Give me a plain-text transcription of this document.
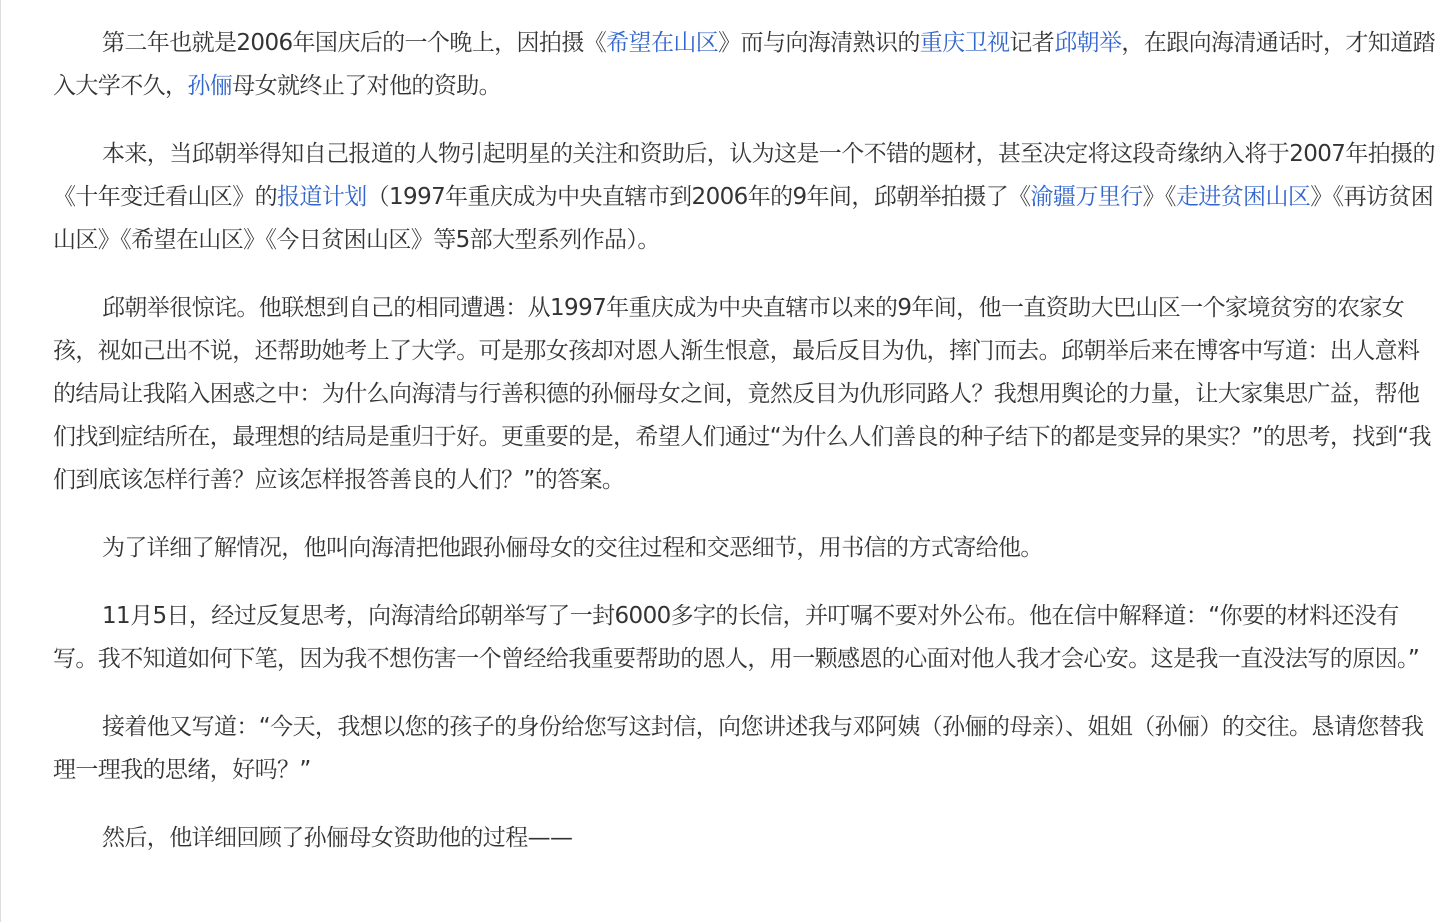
第二年也就是2006年国庆后的一个晚上，因拍摄《希望在山区》而与向海清熟识的重庆卫视记者邱朝举，在跟向海清通话时，才知道踏入大学不久，孙俪母女就终止了对他的资助。

本来，当邱朝举得知自己报道的人物引起明星的关注和资助后，认为这是一个不错的题材，甚至决定将这段奇缘纳入将于2007年拍摄的《十年变迁看山区》的报道计划（1997年重庆成为中央直辖市到2006年的9年间，邱朝举拍摄了《渝疆万里行》《走进贫困山区》《再访贫困山区》《希望在山区》《今日贫困山区》等5部大型系列作品）。

邱朝举很惊诧。他联想到自己的相同遭遇：从1997年重庆成为中央直辖市以来的9年间，他一直资助大巴山区一个家境贫穷的农家女孩，视如己出不说，还帮助她考上了大学。可是那女孩却对恩人渐生恨意，最后反目为仇，摔门而去。邱朝举后来在博客中写道：出人意料的结局让我陷入困惑之中：为什么向海清与行善积德的孙俪母女之间，竟然反目为仇形同路人？我想用舆论的力量，让大家集思广益，帮他们找到症结所在，最理想的结局是重归于好。更重要的是，希望人们通过“为什么人们善良的种子结下的都是变异的果实？”的思考，找到“我们到底该怎样行善？应该怎样报答善良的人们？”的答案。

为了详细了解情况，他叫向海清把他跟孙俪母女的交往过程和交恶细节，用书信的方式寄给他。

11月5日，经过反复思考，向海清给邱朝举写了一封6000多字的长信，并叮嘱不要对外公布。他在信中解释道：“你要的材料还没有写。我不知道如何下笔，因为我不想伤害一个曾经给我重要帮助的恩人，用一颗感恩的心面对他人我才会心安。这是我一直没法写的原因。”

接着他又写道：“今天，我想以您的孩子的身份给您写这封信，向您讲述我与邓阿姨（孙俪的母亲）、姐姐（孙俪）的交往。恳请您替我理一理我的思绪，好吗？”

然后，他详细回顾了孙俪母女资助他的过程——
